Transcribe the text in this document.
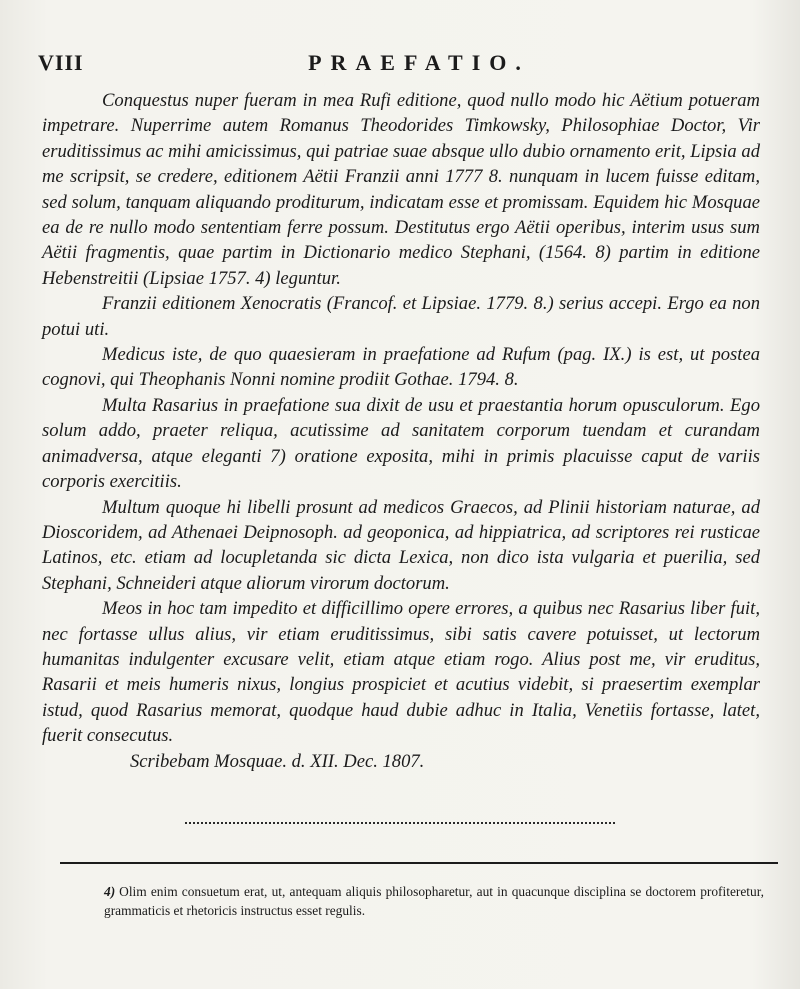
VIII	PRAEFATIO.

Conquestus nuper fueram in mea Rufi editione, quod nullo modo hic Aëtium potueram impetrare. Nuperrime autem Romanus Theodorides Timkowsky, Philosophiae Doctor, Vir eruditissimus ac mihi amicissimus, qui patriae suae absque ullo dubio ornamento erit, Lipsia ad me scripsit, se credere, editionem Aëtii Franzii anni 1777 8. nunquam in lucem fuisse editam, sed solum, tanquam aliquando proditurum, indicatam esse et promissam. Equidem hic Mosquae ea de re nullo modo sententiam ferre possum. Destitutus ergo Aëtii operibus, interim usus sum Aëtii fragmentis, quae partim in Dictionario medico Stephani, (1564. 8) partim in editione Hebenstreitii (Lipsiae 1757. 4) leguntur.

Franzii editionem Xenocratis (Francof. et Lipsiae. 1779. 8.) serius accepi. Ergo ea non potui uti.

Medicus iste, de quo quaesieram in praefatione ad Rufum (pag. IX.) is est, ut postea cognovi, qui Theophanis Nonni nomine prodiit Gothae. 1794. 8.

Multa Rasarius in praefatione sua dixit de usu et praestantia horum opusculorum. Ego solum addo, praeter reliqua, acutissime ad sanitatem corporum tuendam et curandam animadversa, atque eleganti 7) oratione exposita, mihi in primis placuisse caput de variis corporis exercitiis.

Multum quoque hi libelli prosunt ad medicos Graecos, ad Plinii historiam naturae, ad Dioscoridem, ad Athenaei Deipnosoph. ad geoponica, ad hippiatrica, ad scriptores rei rusticae Latinos, etc. etiam ad locupletanda sic dicta Lexica, non dico ista vulgaria et puerilia, sed Stephani, Schneideri atque aliorum virorum doctorum.

Meos in hoc tam impedito et difficillimo opere errores, a quibus nec Rasarius liber fuit, nec fortasse ullus alius, vir etiam eruditissimus, sibi satis cavere potuisset, ut lectorum humanitas indulgenter excusare velit, etiam atque etiam rogo. Alius post me, vir eruditus, Rasarii et meis humeris nixus, longius prospiciet et acutius videbit, si praesertim exemplar istud, quod Rasarius memorat, quodque haud dubie adhuc in Italia, Venetiis fortasse, latet, fuerit consecutus.

Scribebam Mosquae. d. XII. Dec. 1807.

4) Olim enim consuetum erat, ut, antequam aliquis philosopharetur, aut in quacunque disciplina se doctorem profiteretur, grammaticis et rhetoricis instructus esset regulis.
